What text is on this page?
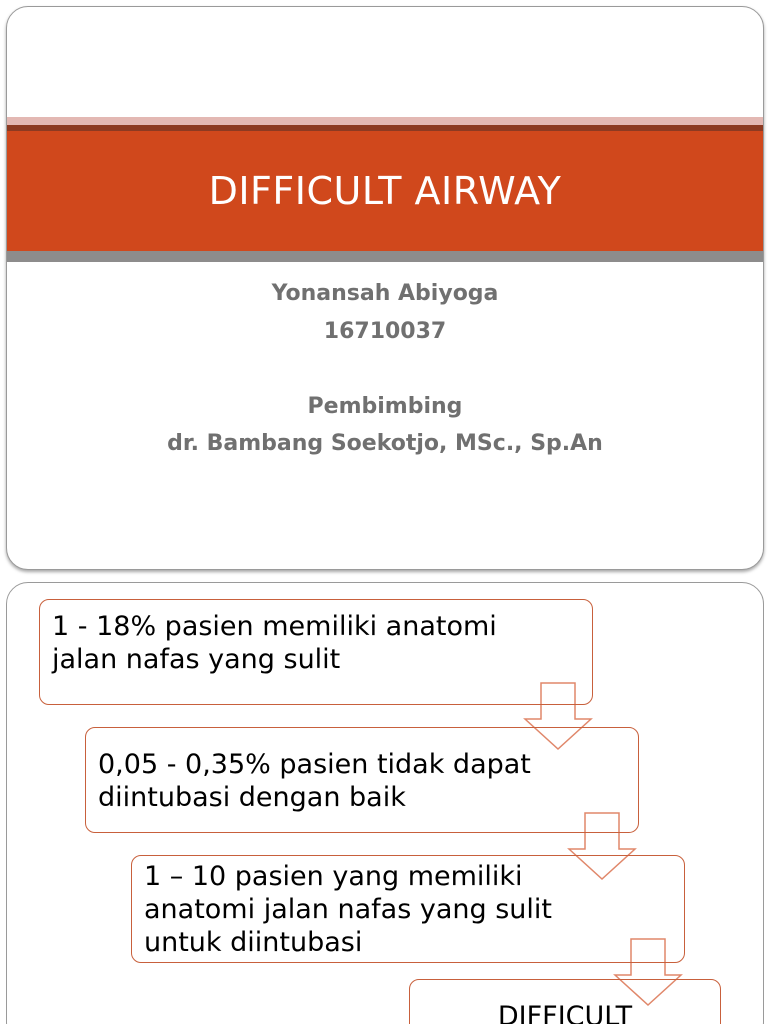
DIFFICULT AIRWAY
Yonansah Abiyoga
16710037
Pembimbing
dr. Bambang Soekotjo, MSc., Sp.An
1 - 18% pasien memiliki anatomi
jalan nafas yang sulit
0,05 - 0,35% pasien tidak dapat
diintubasi dengan baik
1 – 10 pasien yang memiliki
anatomi jalan nafas yang sulit
untuk diintubasi
DIFFICULT
